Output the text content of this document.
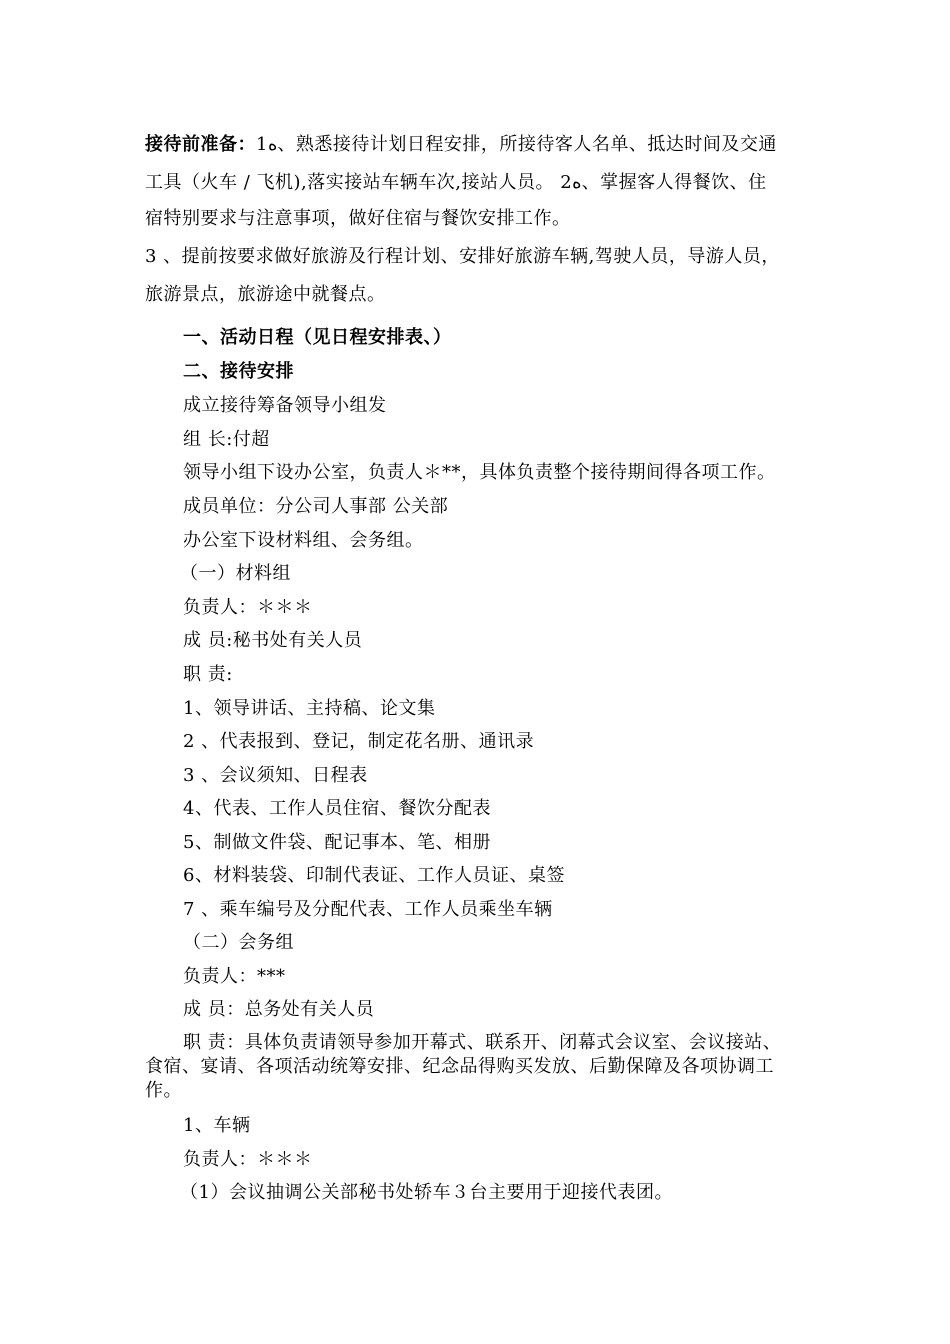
接待前准备：1ﻩ、熟悉接待计划日程安排，所接待客人名单、抵达时间及交通
工具（火车 / 飞机),落实接站车辆车次,接站人员。 2ﻩ、掌握客人得餐饮、住
宿特别要求与注意事项，做好住宿与餐饮安排工作。
3 、提前按要求做好旅游及行程计划、安排好旅游车辆,驾驶人员，导游人员，
旅游景点，旅游途中就餐点。
一、活动日程（见日程安排表、）
二、接待安排
成立接待筹备领导小组发
组 长:付超
领导小组下设办公室，负责人＊**，具体负责整个接待期间得各项工作。
成员单位：分公司人事部 公关部
办公室下设材料组、会务组。
（一）材料组
负责人：＊＊＊
成 员:秘书处有关人员
职 责:
1、领导讲话、主持稿、论文集
2 、代表报到、登记，制定花名册、通讯录
3 、会议须知、日程表
4、代表、工作人员住宿、餐饮分配表
5、制做文件袋、配记事本、笔、相册
6、材料装袋、印制代表证、工作人员证、桌签
7 、乘车编号及分配代表、工作人员乘坐车辆
（二）会务组
负责人：***
成 员：总务处有关人员
职 责：具体负责请领导参加开幕式、联系开、闭幕式会议室、会议接站、
食宿、宴请、各项活动统筹安排、纪念品得购买发放、后勤保障及各项协调工
作。
1、车辆
负责人：＊＊＊
（1）会议抽调公关部秘书处轿车３台主要用于迎接代表团。
